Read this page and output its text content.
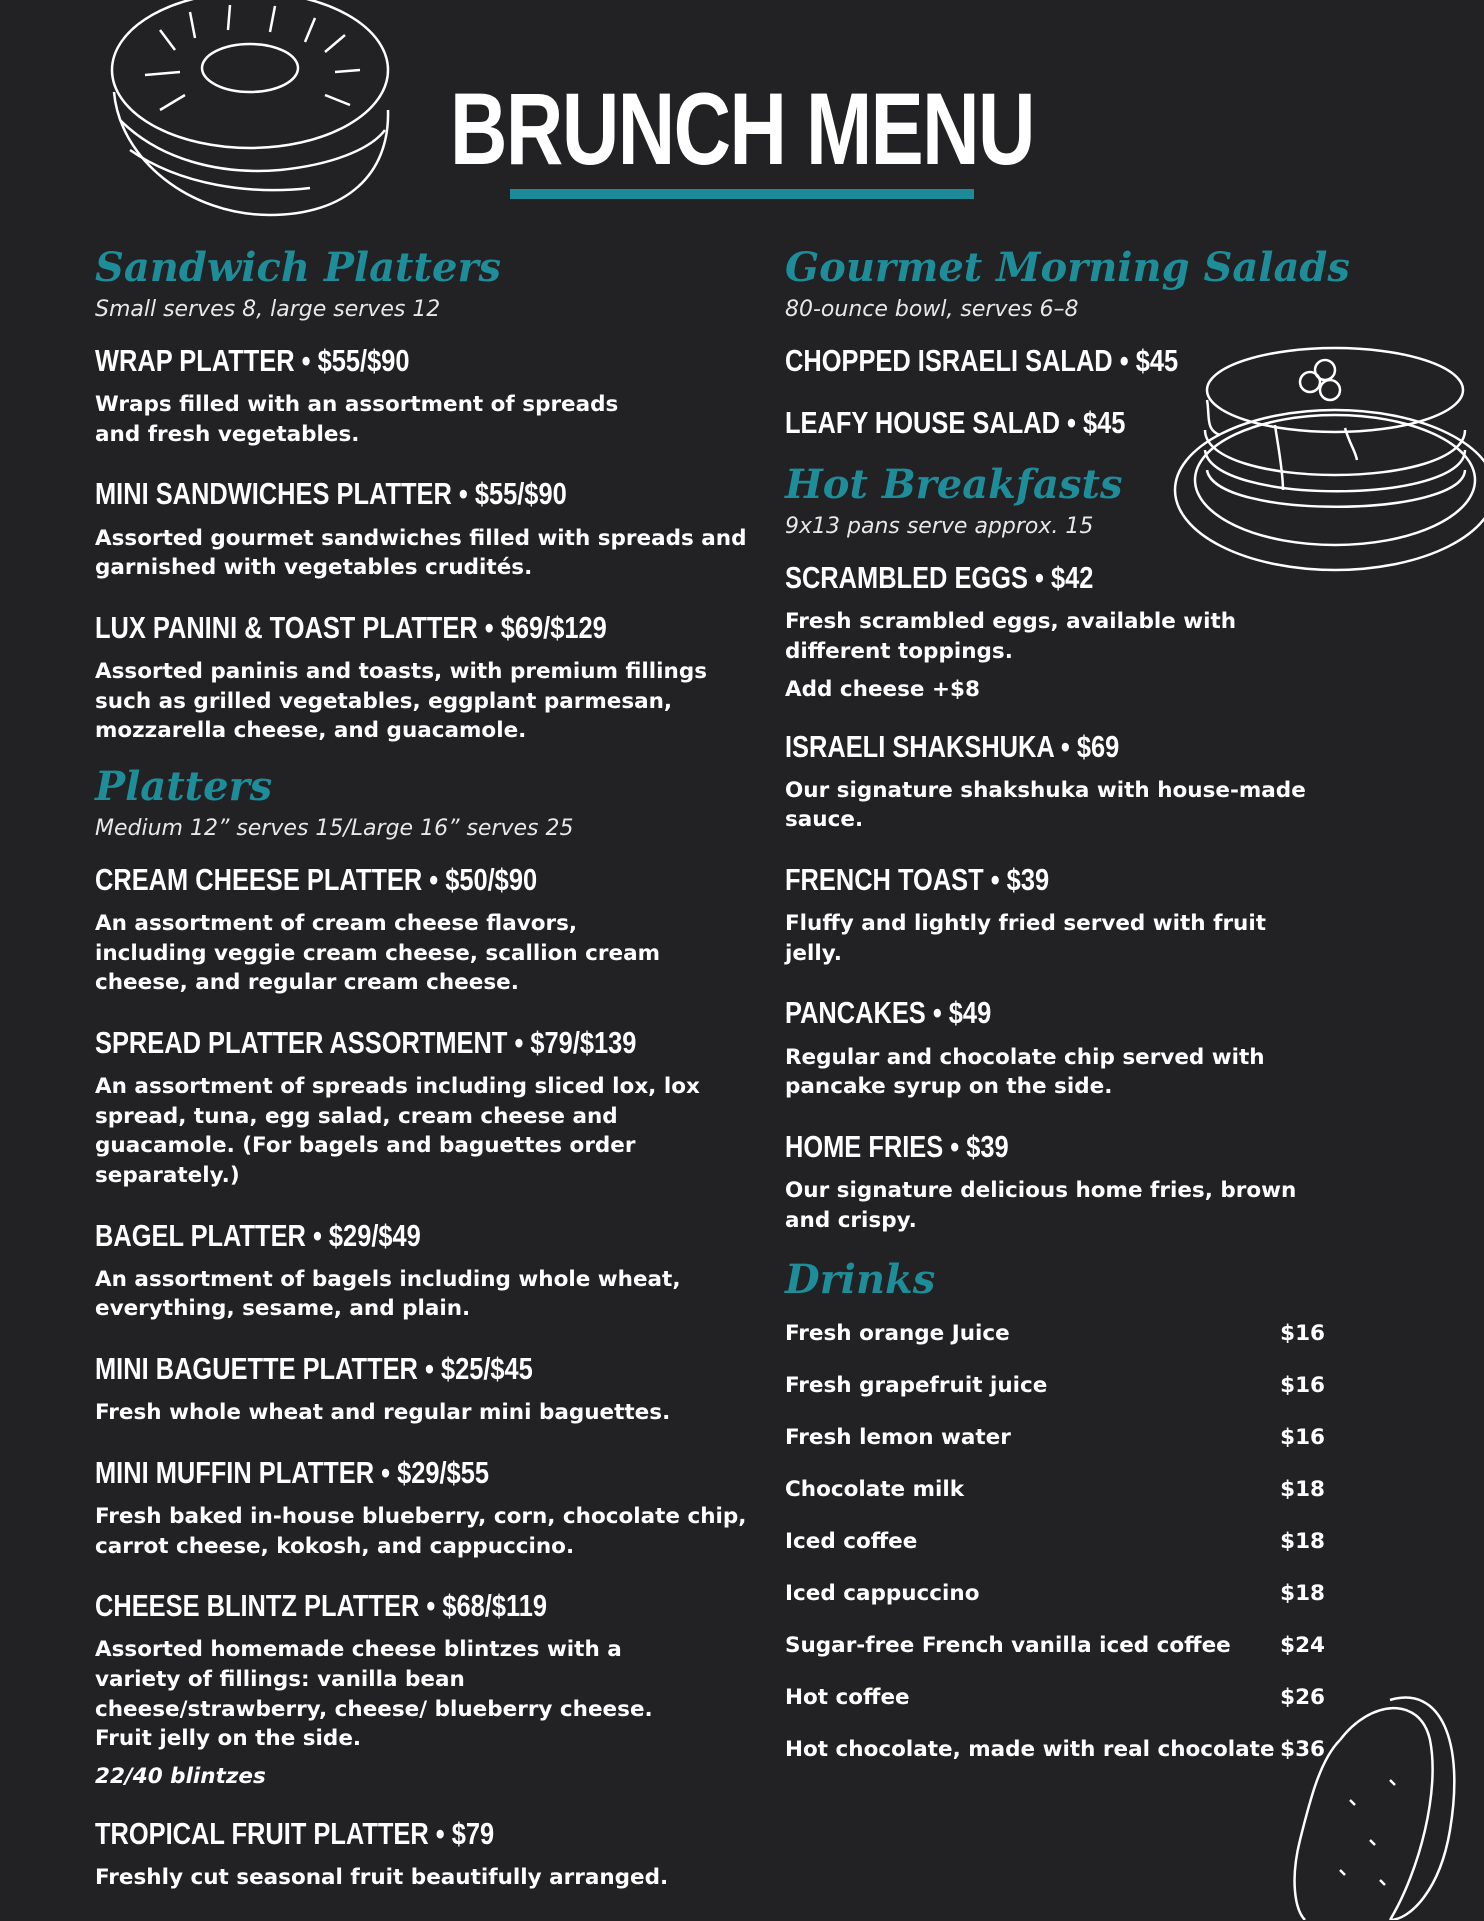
BRUNCH MENU
Sandwich Platters
Small serves 8, large serves 12
WRAP PLATTER • $55/$90
Wraps filled with an assortment of spreads and fresh vegetables.
MINI SANDWICHES PLATTER • $55/$90
Assorted gourmet sandwiches filled with spreads and garnished with vegetables crudités.
LUX PANINI & TOAST PLATTER • $69/$129
Assorted paninis and toasts, with premium fillings such as grilled vegetables, eggplant parmesan, mozzarella cheese, and guacamole.
Platters
Medium 12” serves 15/Large 16” serves 25
CREAM CHEESE PLATTER • $50/$90
An assortment of cream cheese flavors, including veggie cream cheese, scallion cream cheese, and regular cream cheese.
SPREAD PLATTER ASSORTMENT • $79/$139
An assortment of spreads including sliced lox, lox spread, tuna, egg salad, cream cheese and guacamole. (For bagels and baguettes order separately.)
BAGEL PLATTER • $29/$49
An assortment of bagels including whole wheat, everything, sesame, and plain.
MINI BAGUETTE PLATTER • $25/$45
Fresh whole wheat and regular mini baguettes.
MINI MUFFIN PLATTER • $29/$55
Fresh baked in-house blueberry, corn, chocolate chip, carrot cheese, kokosh, and cappuccino.
CHEESE BLINTZ PLATTER • $68/$119
Assorted homemade cheese blintzes with a variety of fillings: vanilla bean cheese/strawberry, cheese/ blueberry cheese. Fruit jelly on the side.
22/40 blintzes
TROPICAL FRUIT PLATTER • $79
Freshly cut seasonal fruit beautifully arranged.
Gourmet Morning Salads
80-ounce bowl, serves 6–8
CHOPPED ISRAELI SALAD • $45
LEAFY HOUSE SALAD • $45
Hot Breakfasts
9x13 pans serve approx. 15
SCRAMBLED EGGS • $42
Fresh scrambled eggs, available with different toppings.
Add cheese +$8
ISRAELI SHAKSHUKA • $69
Our signature shakshuka with house-made sauce.
FRENCH TOAST • $39
Fluffy and lightly fried served with fruit jelly.
PANCAKES • $49
Regular and chocolate chip served with pancake syrup on the side.
HOME FRIES • $39
Our signature delicious home fries, brown and crispy.
Drinks
Fresh orange Juice	$16
Fresh grapefruit juice	$16
Fresh lemon water	$16
Chocolate milk	$18
Iced coffee	$18
Iced cappuccino	$18
Sugar-free French vanilla iced coffee $24
Hot coffee	$26
Hot chocolate, made with real chocolate $36
